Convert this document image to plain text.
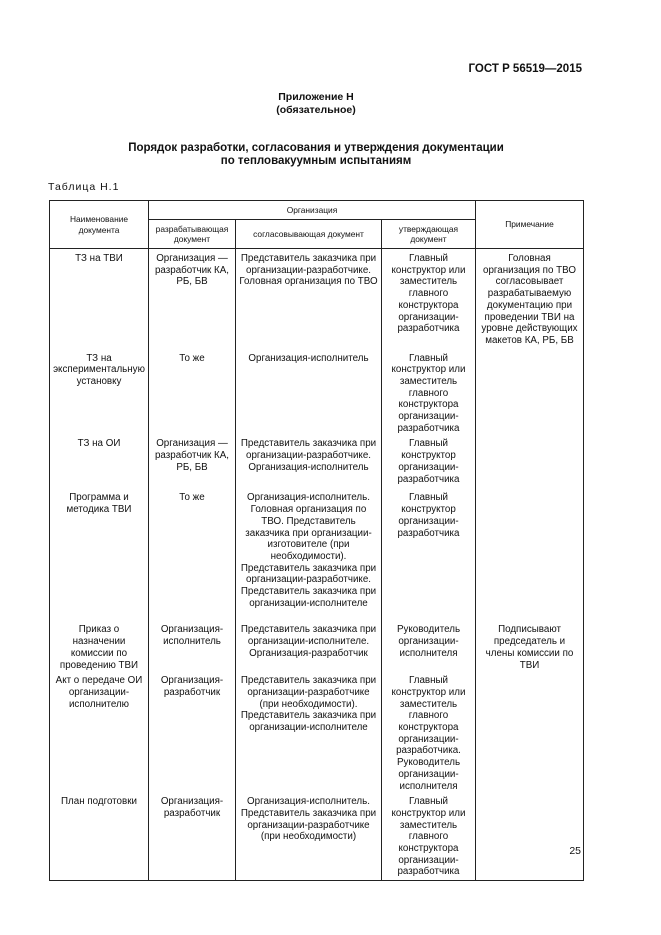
ГОСТ Р 56519—2015
Приложение Н
(обязательное)
Порядок разработки, согласования и утверждения документации
по тепловакуумным испытаниям
Таблица Н.1
Наименование документа	Организация			Примечание
	разрабатывающая документ	согласовывающая документ	утверждающая документ	
ТЗ на ТВИ	Организация — разработчик КА, РБ, БВ	Представитель заказчика при организации-разработчике. Головная организация по ТВО	Главный конструктор или заместитель главного конструктора организации-разработчика	Головная организация по ТВО согласовывает разрабатываемую документацию при проведении ТВИ на уровне действующих макетов КА, РБ, БВ
ТЗ на экспериментальную установку	То же	Организация-исполнитель	Главный конструктор или заместитель главного конструктора организации-разработчика	
ТЗ на ОИ	Организация — разработчик КА, РБ, БВ	Представитель заказчика при организации-разработчике. Организация-исполнитель	Главный конструктор организации-разработчика	
Программа и методика ТВИ	То же	Организация-исполнитель. Головная организация по ТВО. Представитель заказчика при организации-изготовителе (при необходимости). Представитель заказчика при организации-разработчике. Представитель заказчика при организации-исполнителе	Главный конструктор организации-разработчика	
Приказ о назначении комиссии по проведению ТВИ	Организация-исполнитель	Представитель заказчика при организации-исполнителе. Организация-разработчик	Руководитель организации-исполнителя	Подписывают председатель и члены комиссии по ТВИ
Акт о передаче ОИ организации-исполнителю	Организация-разработчик	Представитель заказчика при организации-разработчике (при необходимости). Представитель заказчика при организации-исполнителе	Главный конструктор или заместитель главного конструктора организации-разработчика. Руководитель организации-исполнителя	
План подготовки	Организация-разработчик	Организация-исполнитель. Представитель заказчика при организации-разработчике (при необходимости)	Главный конструктор или заместитель главного конструктора организации-разработчика	
25
